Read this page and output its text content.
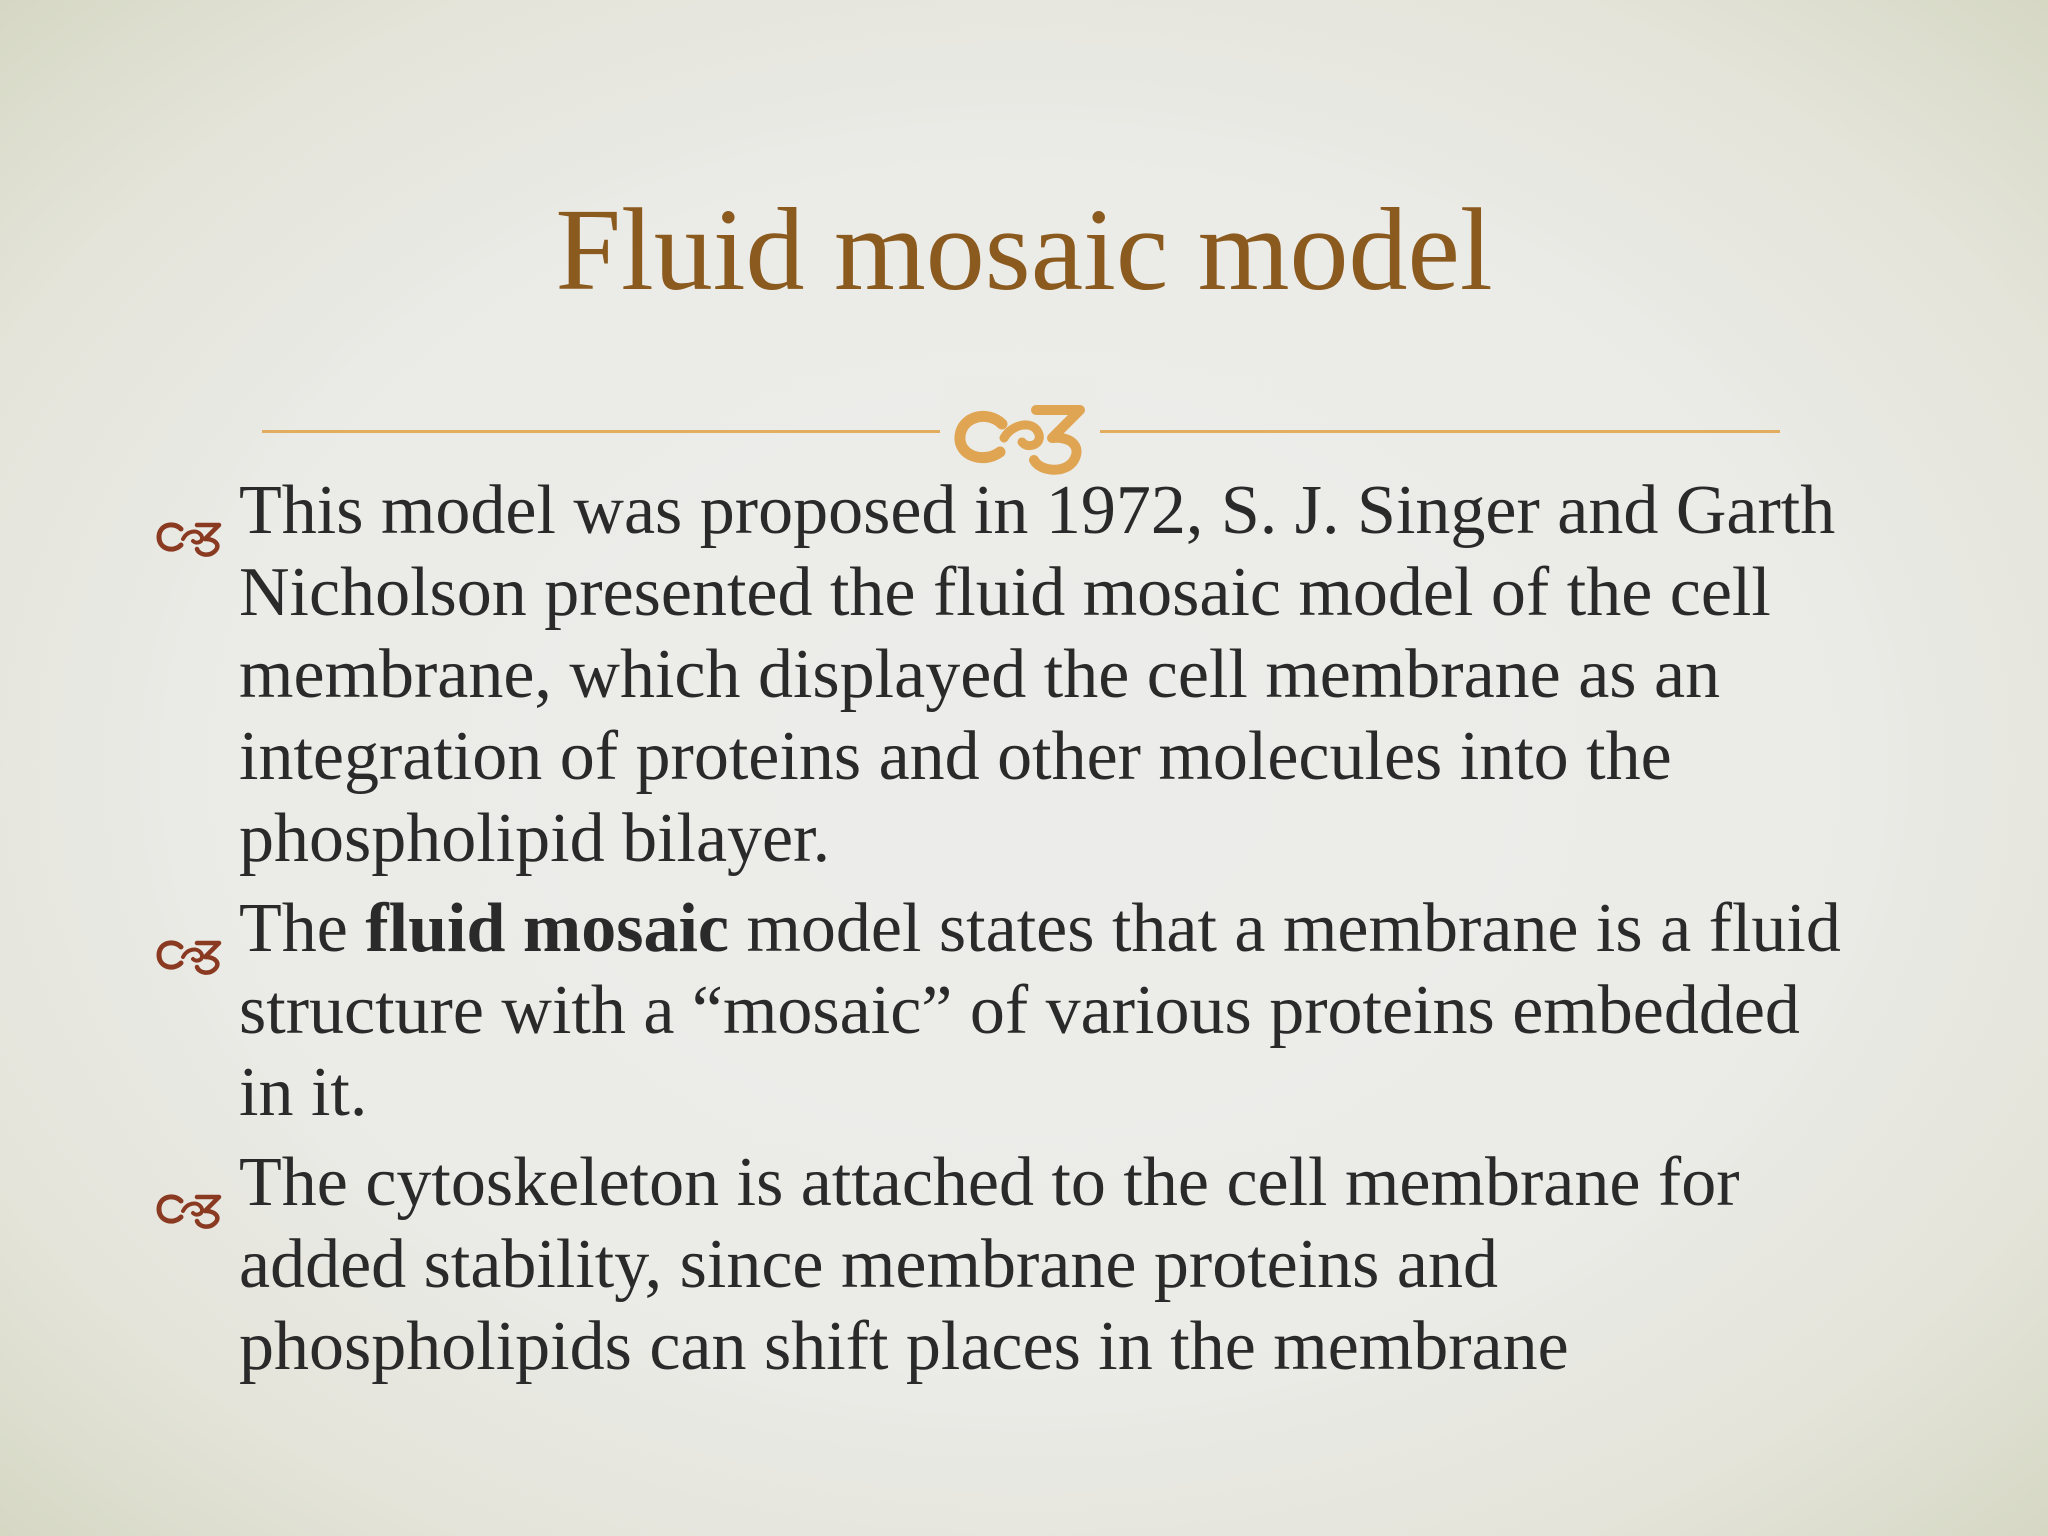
Fluid mosaic model
This model was proposed in 1972, S. J. Singer and Garth Nicholson presented the fluid mosaic model of the cell membrane, which displayed the cell membrane as an integration of proteins and other molecules into the phospholipid bilayer.
The fluid mosaic model states that a membrane is a fluid structure with a “mosaic” of various proteins embedded in it.
The cytoskeleton is attached to the cell membrane for added stability, since membrane proteins and phospholipids can shift places in the membrane
